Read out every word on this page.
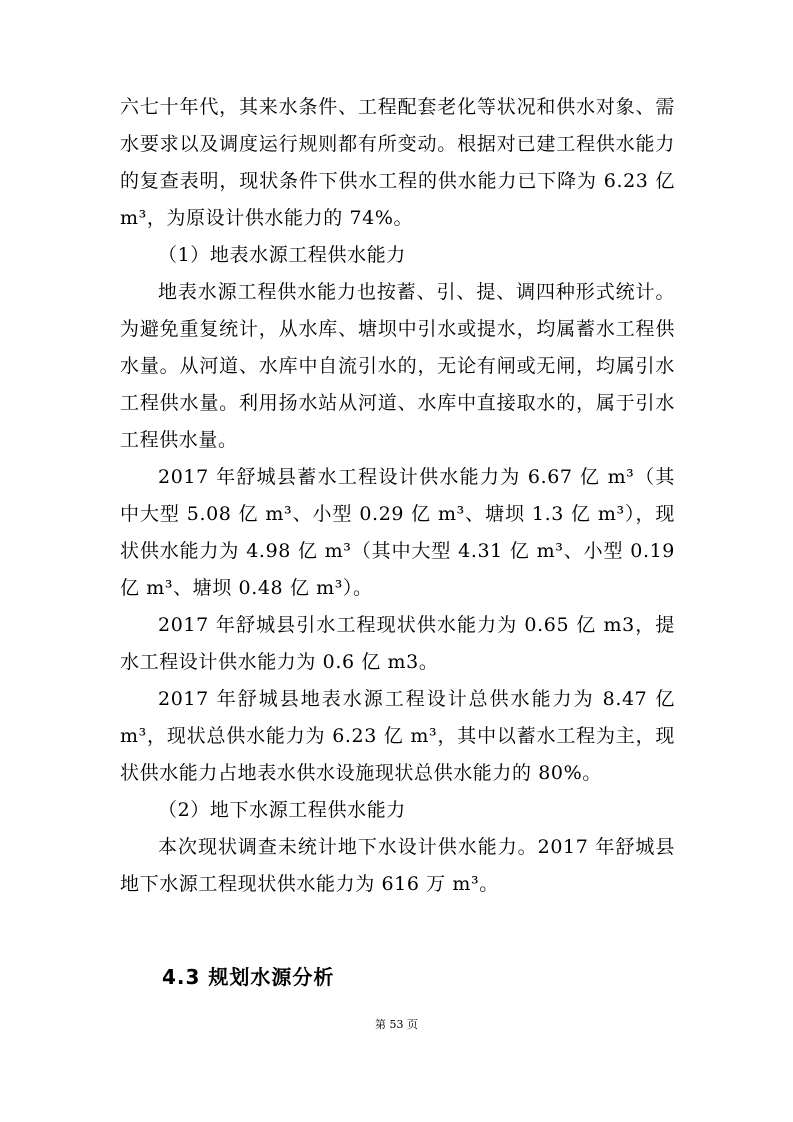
六七十年代，其来水条件、工程配套老化等状况和供水对象、需水要求以及调度运行规则都有所变动。根据对已建工程供水能力的复查表明，现状条件下供水工程的供水能力已下降为 6.23 亿 m³，为原设计供水能力的 74%。

（1）地表水源工程供水能力

地表水源工程供水能力也按蓄、引、提、调四种形式统计。为避免重复统计，从水库、塘坝中引水或提水，均属蓄水工程供水量。从河道、水库中自流引水的，无论有闸或无闸，均属引水工程供水量。利用扬水站从河道、水库中直接取水的，属于引水工程供水量。

2017 年舒城县蓄水工程设计供水能力为 6.67 亿 m³（其中大型 5.08 亿 m³、小型 0.29 亿 m³、塘坝 1.3 亿 m³），现状供水能力为 4.98 亿 m³（其中大型 4.31 亿 m³、小型 0.19 亿 m³、塘坝 0.48 亿 m³）。

2017 年舒城县引水工程现状供水能力为 0.65 亿 m3，提水工程设计供水能力为 0.6 亿 m3。

2017 年舒城县地表水源工程设计总供水能力为 8.47 亿 m³，现状总供水能力为 6.23 亿 m³，其中以蓄水工程为主，现状供水能力占地表水供水设施现状总供水能力的 80%。

（2）地下水源工程供水能力

本次现状调查未统计地下水设计供水能力。2017 年舒城县地下水源工程现状供水能力为 616 万 m³。

4.3 规划水源分析
第 53 页
